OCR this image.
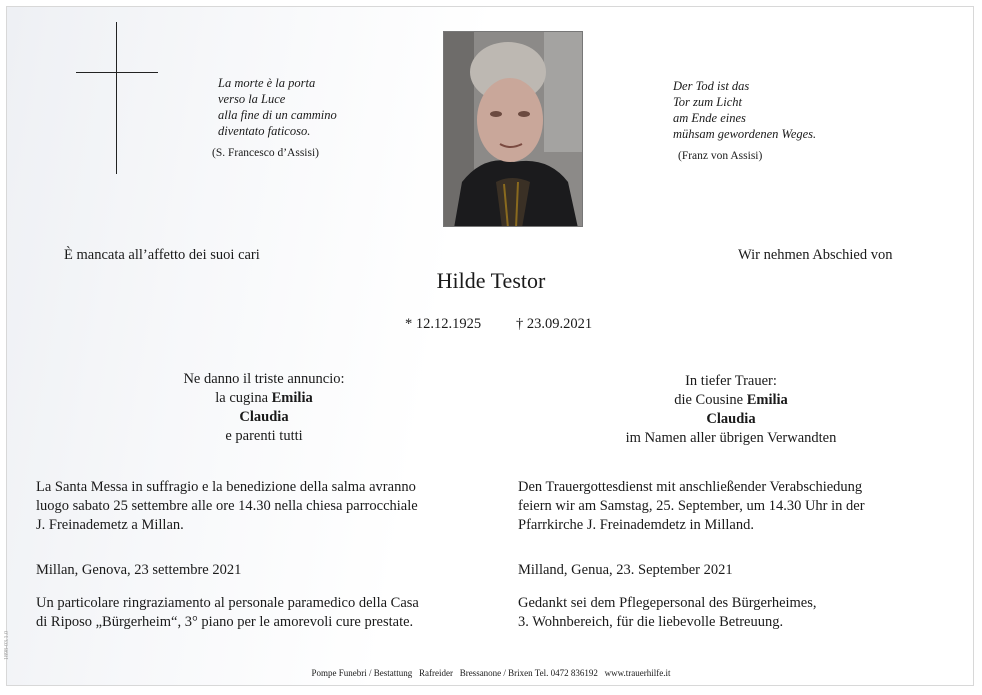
La morte è la porta
verso la Luce
alla fine di un cammino
diventato faticoso.
(S. Francesco d’Assisi)
Der Tod ist das
Tor zum Licht
am Ende eines
mühsam gewordenen Weges.
(Franz von Assisi)
È mancata all’affetto dei suoi cari	Wir nehmen Abschied von
Hilde Testor
* 12.12.1925 † 23.09.2021
Ne danno il triste annuncio:
la cugina Emilia
Claudia
e parenti tutti
In tiefer Trauer:
die Cousine Emilia
Claudia
im Namen aller übrigen Verwandten
La Santa Messa in suffragio e la benedizione della salma avranno
luogo sabato 25 settembre alle ore 14.30 nella chiesa parrocchiale
J. Freinademetz a Millan.
Den Trauergottesdienst mit anschließender Verabschiedung
feiern wir am Samstag, 25. September, um 14.30 Uhr in der
Pfarrkirche J. Freinademdetz in Milland.
Millan, Genova, 23 settembre 2021	Milland, Genua, 23. September 2021
Un particolare ringraziamento al personale paramedico della Casa
di Riposo „Bürgerheim“, 3° piano per le amorevoli cure prestate.
Gedankt sei dem Pflegepersonal des Bürgerheimes,
3. Wohnbereich, für die liebevolle Betreuung.
Pompe Funebri / Bestattung   Rafreider   Bressanone / Brixen Tel. 0472 836192   www.trauerhilfe.it
1898-03.1.0
